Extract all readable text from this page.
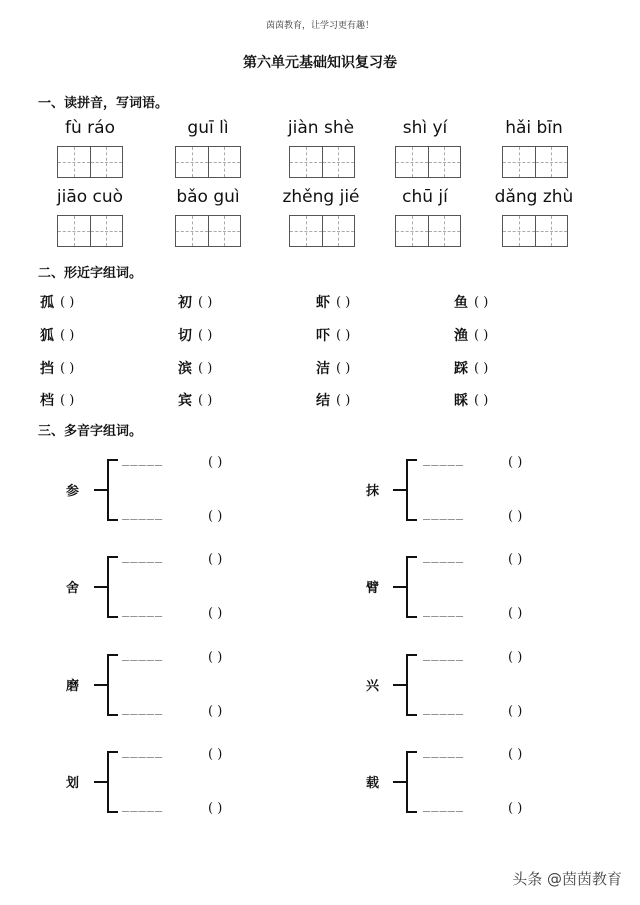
茵茵教育，让学习更有趣！
第六单元基础知识复习卷
一、读拼音，写词语。
fù ráo	guī lì	jiàn shè	shì yí	hǎi bīn
jiāo cuò	bǎo guì	zhěng jié	chū jí	dǎng zhù
二、形近字组词。
孤 ( )	初 ( )	虾 ( )	鱼 ( )
狐 ( )	切 ( )	吓 ( )	渔 ( )
挡 ( )	滨 ( )	洁 ( )	踩 ( )
档 ( )	宾 ( )	结 ( )	睬 ( )
三、多音字组词。
参
_____	( )
_____	( )
舍
_____	( )
_____	( )
磨
_____	( )
_____	( )
划
_____	( )
_____	( )
抹
_____	( )
_____	( )
臂
_____	( )
_____	( )
兴
_____	( )
_____	( )
载
_____	( )
_____	( )
头条 @茵茵教育
